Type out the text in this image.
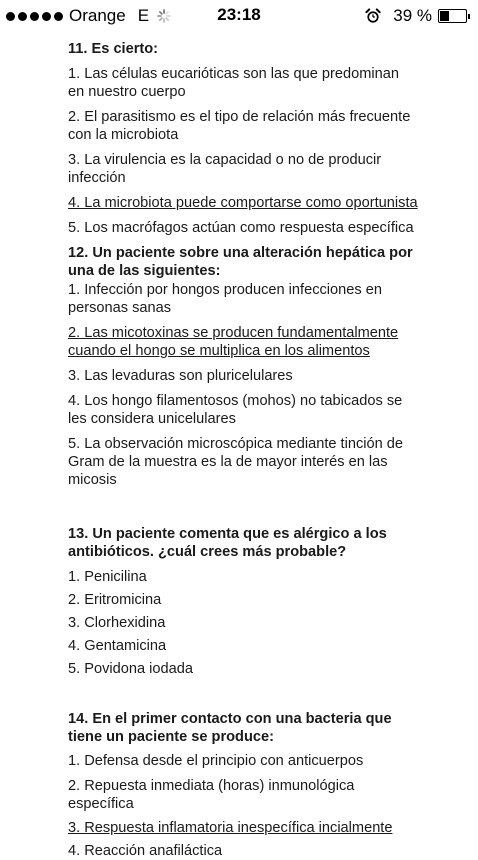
Orange E	23:18	39 %
11. Es cierto:
1. Las células eucarióticas son las que predominan en nuestro cuerpo
2. El parasitismo es el tipo de relación más frecuente con la microbiota
3. La virulencia es la capacidad o no de producir infección
4. La microbiota puede comportarse como oportunista
5. Los macrófagos actúan como respuesta específica
12. Un paciente sobre una alteración hepática por una de las siguientes:
1. Infección por hongos producen infecciones en personas sanas
2. Las micotoxinas se producen fundamentalmente cuando el hongo se multiplica en los alimentos
3. Las levaduras son pluricelulares
4. Los hongo filamentosos (mohos) no tabicados se les considera unicelulares
5. La observación microscópica mediante tinción de Gram de la muestra es la de mayor interés en las micosis
13. Un paciente comenta que es alérgico a los antibióticos. ¿cuál crees más probable?
1. Penicilina
2. Eritromicina
3. Clorhexidina
4. Gentamicina
5. Povidona iodada
14. En el primer contacto con una bacteria que tiene un paciente se produce:
1. Defensa desde el principio con anticuerpos
2. Repuesta inmediata (horas) inmunológica específica
3. Respuesta inflamatoria inespecífica incialmente
4. Reacción anafiláctica
